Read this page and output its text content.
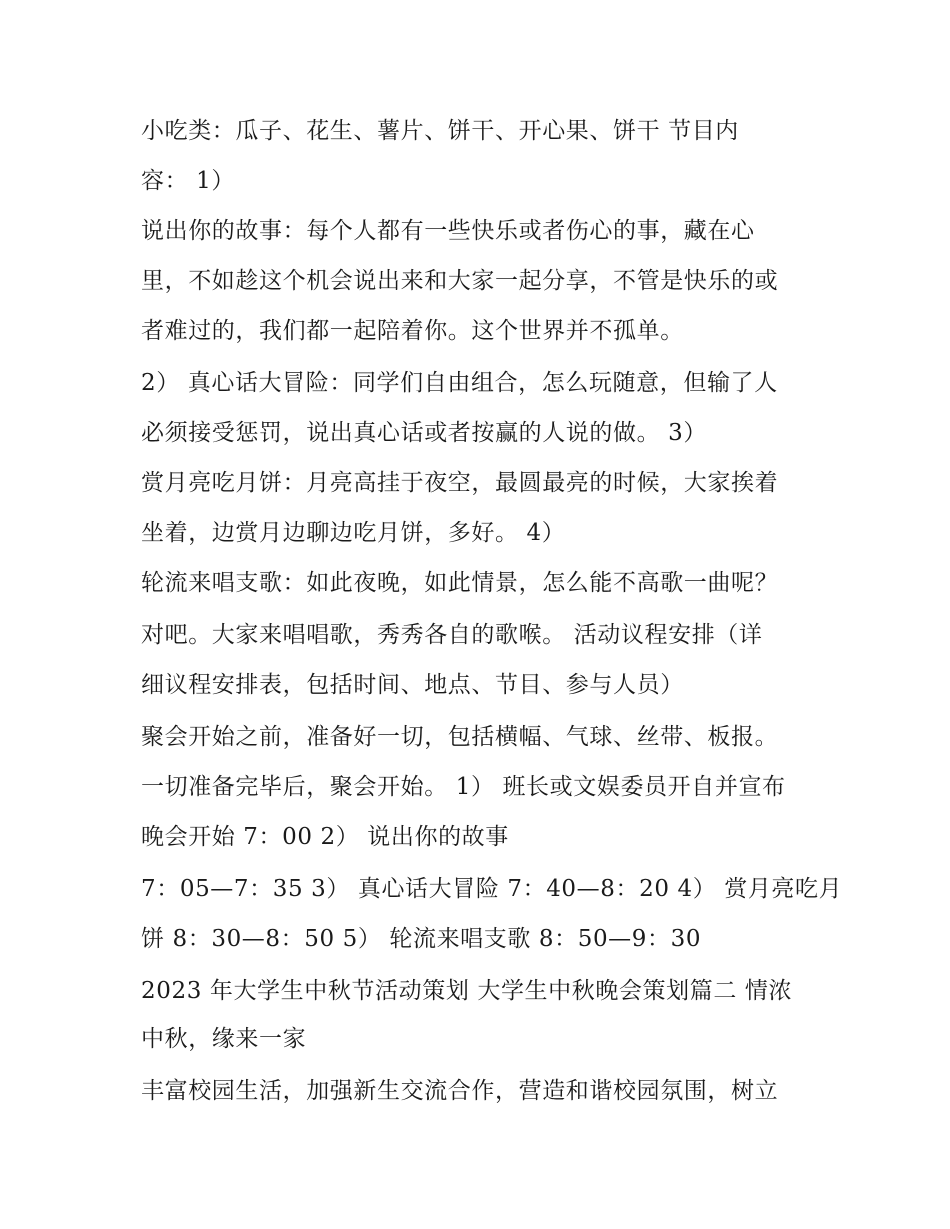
小吃类：瓜子、花生、薯片、饼干、开心果、饼干 节目内
容： 1）
说出你的故事：每个人都有一些快乐或者伤心的事，藏在心
里，不如趁这个机会说出来和大家一起分享，不管是快乐的或
者难过的，我们都一起陪着你。这个世界并不孤单。
2） 真心话大冒险：同学们自由组合，怎么玩随意，但输了人
必须接受惩罚，说出真心话或者按赢的人说的做。 3）
赏月亮吃月饼：月亮高挂于夜空，最圆最亮的时候，大家挨着
坐着，边赏月边聊边吃月饼，多好。 4）
轮流来唱支歌：如此夜晚，如此情景，怎么能不高歌一曲呢？
对吧。大家来唱唱歌，秀秀各自的歌喉。 活动议程安排（详
细议程安排表，包括时间、地点、节目、参与人员）
聚会开始之前，准备好一切，包括横幅、气球、丝带、板报。
一切准备完毕后，聚会开始。 1） 班长或文娱委员开自并宣布
晚会开始 7：00 2） 说出你的故事
7：05—7：35 3） 真心话大冒险 7：40—8：20 4） 赏月亮吃月
饼 8：30—8：50 5） 轮流来唱支歌 8：50—9：30
2023 年大学生中秋节活动策划 大学生中秋晚会策划篇二 情浓
中秋，缘来一家
丰富校园生活，加强新生交流合作，营造和谐校园氛围，树立
